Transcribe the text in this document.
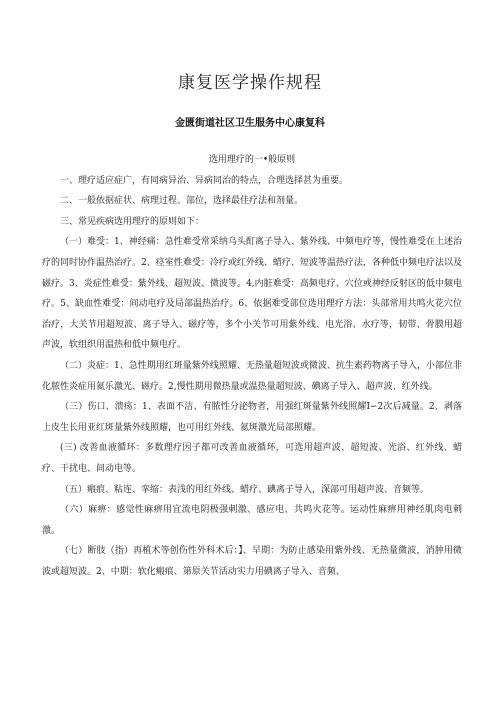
康复医学操作规程
金匮街道社区卫生服务中心康复科

选用理疗的一•般原则

一、理疗适应症广，有同病异治、异病同治的特点，合理选择甚为重要。

二、一般依据症状、病理过程、部位，选择最佳疗法和剂量。

三、常见疾病选用理疗的原则如下：

（一）难受：1、神经痛：急性难受常采纳乌头酊离子导入、紫外线、中频电疗等，慢性难受在上述治疗的同时协作温热治疗。2、痉室性难受：冷疗或红外线、蜡疗、短波等温热疗法，各种低中频电疗法以及磁疗。3、炎症性难受：紫外线、超短波、微波等。4,内脏难受：高频电疗、穴位或神经反射区的低中频电疗。5、缺血性难受：间动电疗及局部温热治疗。6、依据难受部位选用理疗方法：头部常用共鸣火花穴位治疗，大关节用超短波、离子导入、磁疗等，多个小关节可用紫外线、电光浴、水疗等，韧带、骨膜用超声波，软组织用温热和低中频电疗。

（二）炎症：1、急性期用红斑量紫外线照耀、无热量超短波或微波、抗生素药物离子导入，小部位非化脓性炎症用氦乐激光、磁疗。2,慢性期用微热量或温热量超短波、碘离子导入、超声波、红外线。

（三）伤口、溃疡：1、表面不洁、有脓性分泌物者，用强红斑量紫外线照耀I∽2次后减量。2、剥落上皮生长用亚红斑量紫外线照耀，也可用红外线、氦斑激光局部照耀。

(三) 改善血液循环：多数理疗因子都可改善血液循环，可选用超声波、超短波、光浴、红外线、蜡疗、干扰电、间动电等。

（五）瘢痕、粘连、挛缩：表浅的用红外线、蜡疗、碘离子导入，深部可用超声波、音频等。

（六）麻痹：感觉性麻痹用宜流电阴极强刺激、感应电、共鸣火花等。运动性麻痹用神经肌肉电刺激。

（七）断肢（指）再植术等创伤性外科术后：】、早期：为防止感染用紫外线、无热量微波，消肿用微波或超短波。2、中期：软化瘢痕、第原关节活动实力用碘离子导入、音频、
